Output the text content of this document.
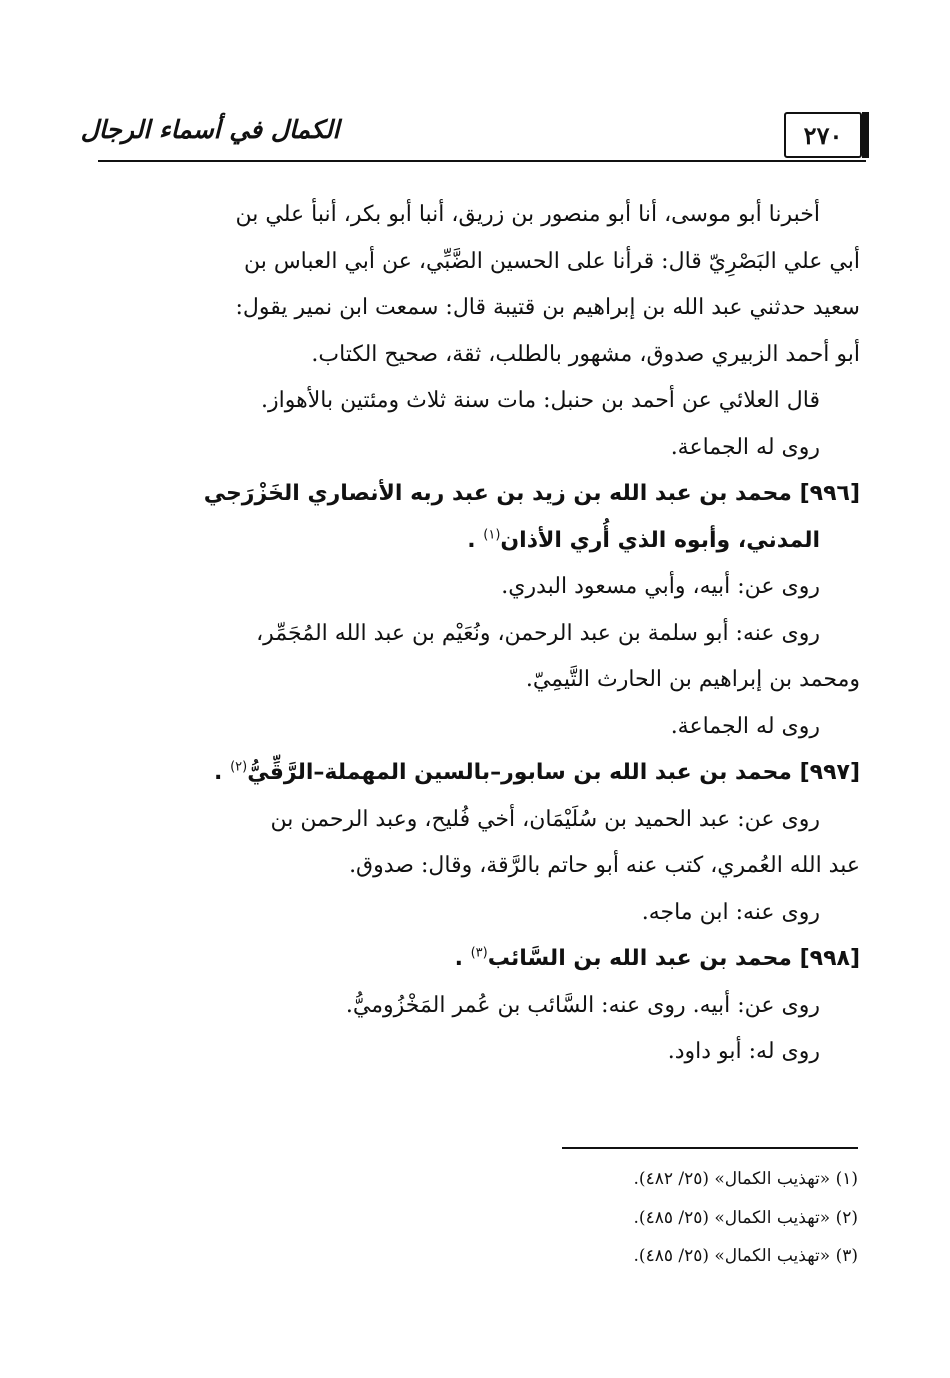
٢٧٠
الكمال في أسماء الرجال

أخبرنا أبو موسى، أنا أبو منصور بن زريق، أنبا أبو بكر، أنبأ علي بن

أبي علي البَصْرِيّ قال: قرأنا على الحسين الضَّبِّي، عن أبي العباس بن

سعيد حدثني عبد الله بن إبراهيم بن قتيبة قال: سمعت ابن نمير يقول:

أبو أحمد الزبيري صدوق، مشهور بالطلب، ثقة، صحيح الكتاب.

قال العلائي عن أحمد بن حنبل: مات سنة ثلاث ومئتين بالأهواز.

روى له الجماعة.

[٩٩٦] محمد بن عبد الله بن زيد بن عبد ربه الأنصاري الخَزْرَجي

المدني، وأبوه الذي أُري الأذان$^{(١)}$ .

روى عن: أبيه، وأبي مسعود البدري.

روى عنه: أبو سلمة بن عبد الرحمن، ونُعَيْم بن عبد الله المُجَمِّر،

ومحمد بن إبراهيم بن الحارث التَّيمِيّ.

روى له الجماعة.

[٩٩٧] محمد بن عبد الله بن سابور–بالسين المهملة–الرَّقِّيُّ$^{(٢)}$ .

روى عن: عبد الحميد بن سُلَيْمَان، أخي فُليح، وعبد الرحمن بن

عبد الله العُمري، كتب عنه أبو حاتم بالرَّقة، وقال: صدوق.

روى عنه: ابن ماجه.

[٩٩٨] محمد بن عبد الله بن السَّائب$^{(٣)}$ .

روى عن: أبيه. روى عنه: السَّائب بن عُمر المَخْزُوميُّ.

روى له: أبو داود.

(١) «تهذيب الكمال» (٢٥/ ٤٨٢).

(٢) «تهذيب الكمال» (٢٥/ ٤٨٥).

(٣) «تهذيب الكمال» (٢٥/ ٤٨٥).
